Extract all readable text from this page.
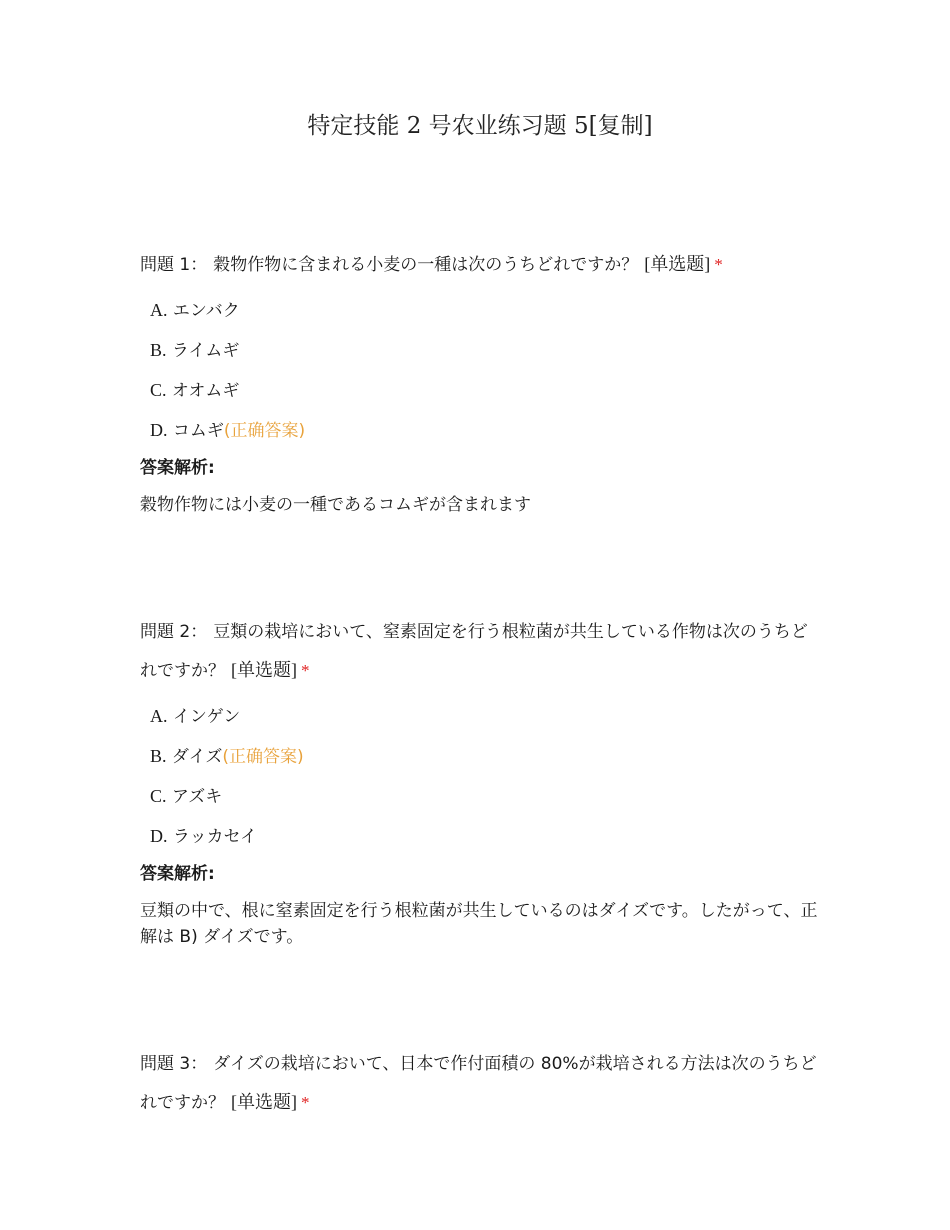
特定技能 2 号农业练习题 5[复制]
問題 1： 穀物作物に含まれる小麦の一種は次のうちどれですか？ [单选题] *
A. エンバク
B. ライムギ
C. オオムギ
D. コムギ(正确答案)
答案解析:
穀物作物には小麦の一種であるコムギが含まれます
問題 2： 豆類の栽培において、窒素固定を行う根粒菌が共生している作物は次のうちどれですか？ [单选题] *
A. インゲン
B. ダイズ(正确答案)
C. アズキ
D. ラッカセイ
答案解析:
豆類の中で、根に窒素固定を行う根粒菌が共生しているのはダイズです。したがって、正解は B) ダイズです。
問題 3： ダイズの栽培において、日本で作付面積の 80%が栽培される方法は次のうちどれですか？ [单选题] *
